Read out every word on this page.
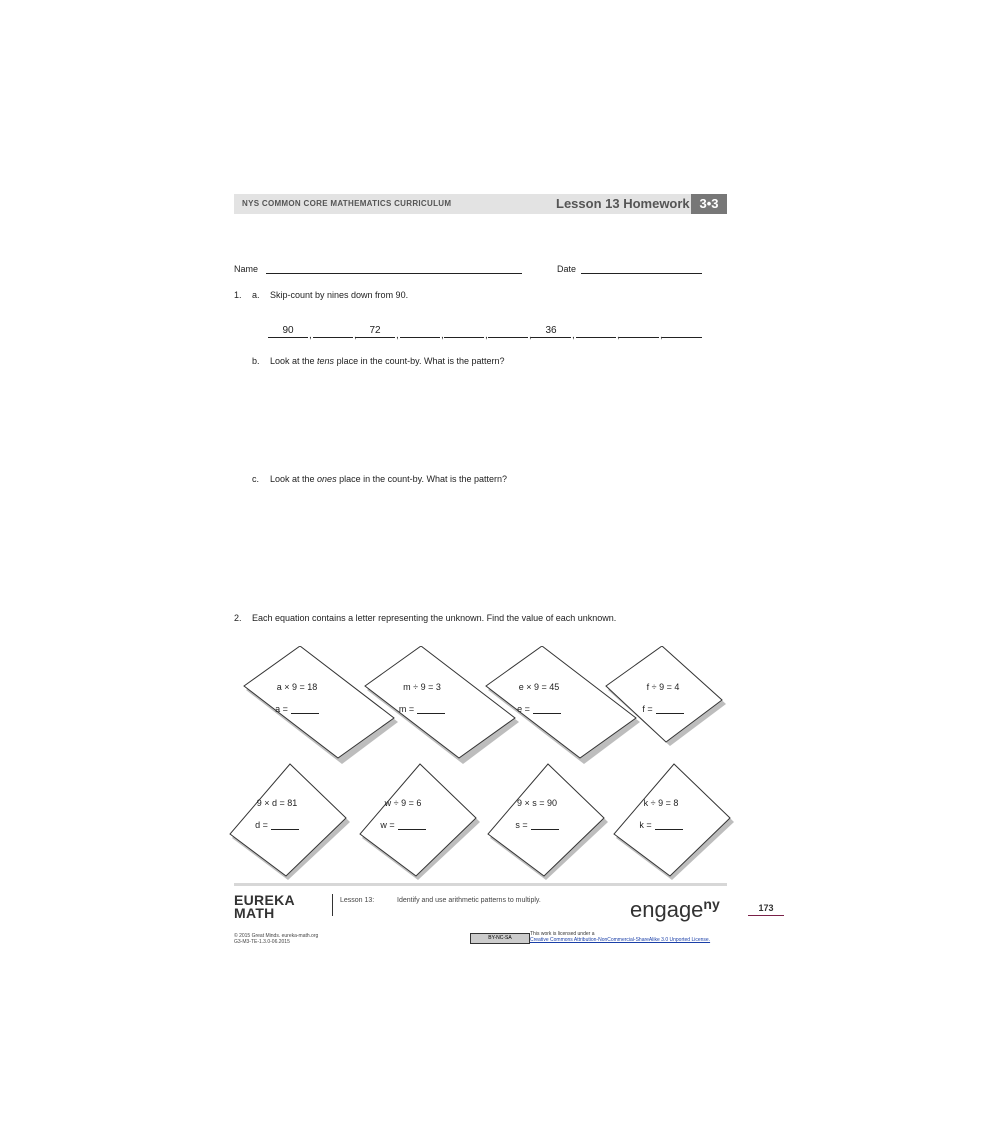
NYS COMMON CORE MATHEMATICS CURRICULUM	Lesson 13 Homework 3•3
Name	Date
1. a. Skip-count by nines down from 90.
90	,	,	72	,	,	,	,	36	,	,	,
b. Look at the tens place in the count-by. What is the pattern?
c. Look at the ones place in the count-by. What is the pattern?
2. Each equation contains a letter representing the unknown. Find the value of each unknown.
a × 9 = 18
a =
m ÷ 9 = 3
m =
e × 9 = 45
e =
f ÷ 9 = 4
f =
9 × d = 81
d =
w ÷ 9 = 6
w =
9 × s = 90
s =
k ÷ 9 = 8
k =
EUREKA
MATH
Lesson 13:	Identify and use arithmetic patterns to multiply.	engage$^{ny}$	173
© 2015 Great Minds. eureka-math.org
G3-M3-TE-1.3.0-06.2015
BY-NC-SA
This work is licensed under a
Creative Commons Attribution-NonCommercial-ShareAlike 3.0 Unported License.
